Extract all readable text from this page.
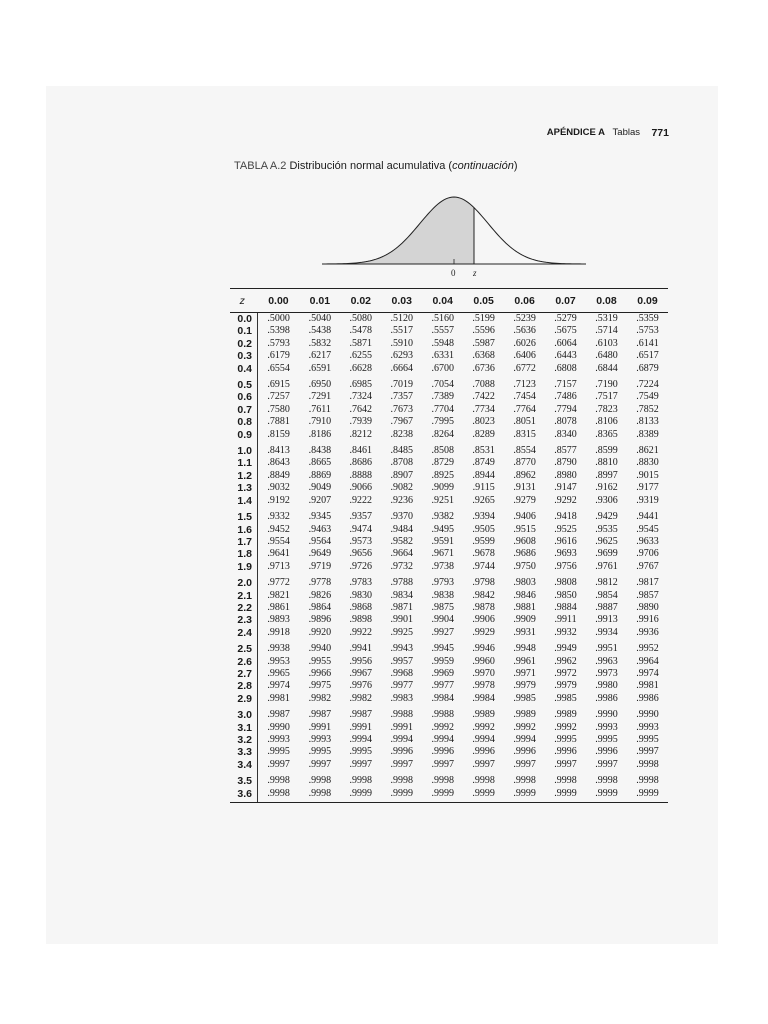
APÉNDICE A Tablas 771
TABLA A.2 Distribución normal acumulativa (continuación)
0 z
z	0.00	0.01	0.02	0.03	0.04	0.05	0.06	0.07	0.08	0.09
0.0	.5000	.5040	.5080	.5120	.5160	.5199	.5239	.5279	.5319	.5359
0.1	.5398	.5438	.5478	.5517	.5557	.5596	.5636	.5675	.5714	.5753
0.2	.5793	.5832	.5871	.5910	.5948	.5987	.6026	.6064	.6103	.6141
0.3	.6179	.6217	.6255	.6293	.6331	.6368	.6406	.6443	.6480	.6517
0.4	.6554	.6591	.6628	.6664	.6700	.6736	.6772	.6808	.6844	.6879
0.5	.6915	.6950	.6985	.7019	.7054	.7088	.7123	.7157	.7190	.7224
0.6	.7257	.7291	.7324	.7357	.7389	.7422	.7454	.7486	.7517	.7549
0.7	.7580	.7611	.7642	.7673	.7704	.7734	.7764	.7794	.7823	.7852
0.8	.7881	.7910	.7939	.7967	.7995	.8023	.8051	.8078	.8106	.8133
0.9	.8159	.8186	.8212	.8238	.8264	.8289	.8315	.8340	.8365	.8389
1.0	.8413	.8438	.8461	.8485	.8508	.8531	.8554	.8577	.8599	.8621
1.1	.8643	.8665	.8686	.8708	.8729	.8749	.8770	.8790	.8810	.8830
1.2	.8849	.8869	.8888	.8907	.8925	.8944	.8962	.8980	.8997	.9015
1.3	.9032	.9049	.9066	.9082	.9099	.9115	.9131	.9147	.9162	.9177
1.4	.9192	.9207	.9222	.9236	.9251	.9265	.9279	.9292	.9306	.9319
1.5	.9332	.9345	.9357	.9370	.9382	.9394	.9406	.9418	.9429	.9441
1.6	.9452	.9463	.9474	.9484	.9495	.9505	.9515	.9525	.9535	.9545
1.7	.9554	.9564	.9573	.9582	.9591	.9599	.9608	.9616	.9625	.9633
1.8	.9641	.9649	.9656	.9664	.9671	.9678	.9686	.9693	.9699	.9706
1.9	.9713	.9719	.9726	.9732	.9738	.9744	.9750	.9756	.9761	.9767
2.0	.9772	.9778	.9783	.9788	.9793	.9798	.9803	.9808	.9812	.9817
2.1	.9821	.9826	.9830	.9834	.9838	.9842	.9846	.9850	.9854	.9857
2.2	.9861	.9864	.9868	.9871	.9875	.9878	.9881	.9884	.9887	.9890
2.3	.9893	.9896	.9898	.9901	.9904	.9906	.9909	.9911	.9913	.9916
2.4	.9918	.9920	.9922	.9925	.9927	.9929	.9931	.9932	.9934	.9936
2.5	.9938	.9940	.9941	.9943	.9945	.9946	.9948	.9949	.9951	.9952
2.6	.9953	.9955	.9956	.9957	.9959	.9960	.9961	.9962	.9963	.9964
2.7	.9965	.9966	.9967	.9968	.9969	.9970	.9971	.9972	.9973	.9974
2.8	.9974	.9975	.9976	.9977	.9977	.9978	.9979	.9979	.9980	.9981
2.9	.9981	.9982	.9982	.9983	.9984	.9984	.9985	.9985	.9986	.9986
3.0	.9987	.9987	.9987	.9988	.9988	.9989	.9989	.9989	.9990	.9990
3.1	.9990	.9991	.9991	.9991	.9992	.9992	.9992	.9992	.9993	.9993
3.2	.9993	.9993	.9994	.9994	.9994	.9994	.9994	.9995	.9995	.9995
3.3	.9995	.9995	.9995	.9996	.9996	.9996	.9996	.9996	.9996	.9997
3.4	.9997	.9997	.9997	.9997	.9997	.9997	.9997	.9997	.9997	.9998
3.5	.9998	.9998	.9998	.9998	.9998	.9998	.9998	.9998	.9998	.9998
3.6	.9998	.9998	.9999	.9999	.9999	.9999	.9999	.9999	.9999	.9999
